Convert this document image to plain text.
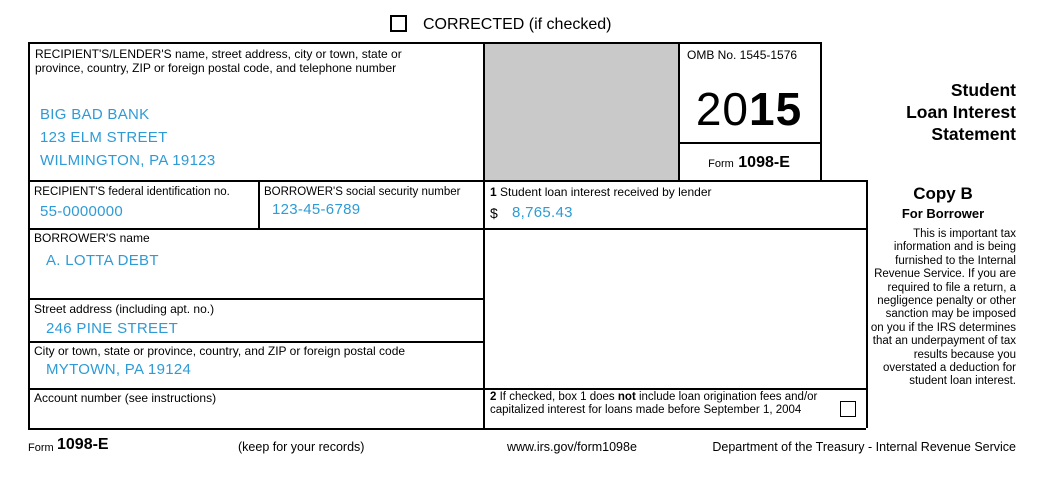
CORRECTED (if checked)
RECIPIENT'S/LENDER'S name, street address, city or town, state or province, country, ZIP or foreign postal code, and telephone number
BIG BAD BANK
123 ELM STREET
WILMINGTON, PA 19123
OMB No. 1545-1576
2015
Form 1098-E
Student
Loan Interest
Statement
RECIPIENT'S federal identification no.
55-0000000
BORROWER'S social security number
123-45-6789
1 Student loan interest received by lender
$ 8,765.43
BORROWER'S name
A. LOTTA DEBT
Street address (including apt. no.)
246 PINE STREET
City or town, state or province, country, and ZIP or foreign postal code
MYTOWN, PA 19124
Account number (see instructions)	2 If checked, box 1 does not include loan origination fees and/or capitalized interest for loans made before September 1, 2004
Copy B
For Borrower
This is important tax information and is being furnished to the Internal Revenue Service. If you are required to file a return, a negligence penalty or other sanction may be imposed on you if the IRS determines that an underpayment of tax results because you overstated a deduction for student loan interest.
Form 1098-E	(keep for your records)	www.irs.gov/form1098e	Department of the Treasury - Internal Revenue Service
